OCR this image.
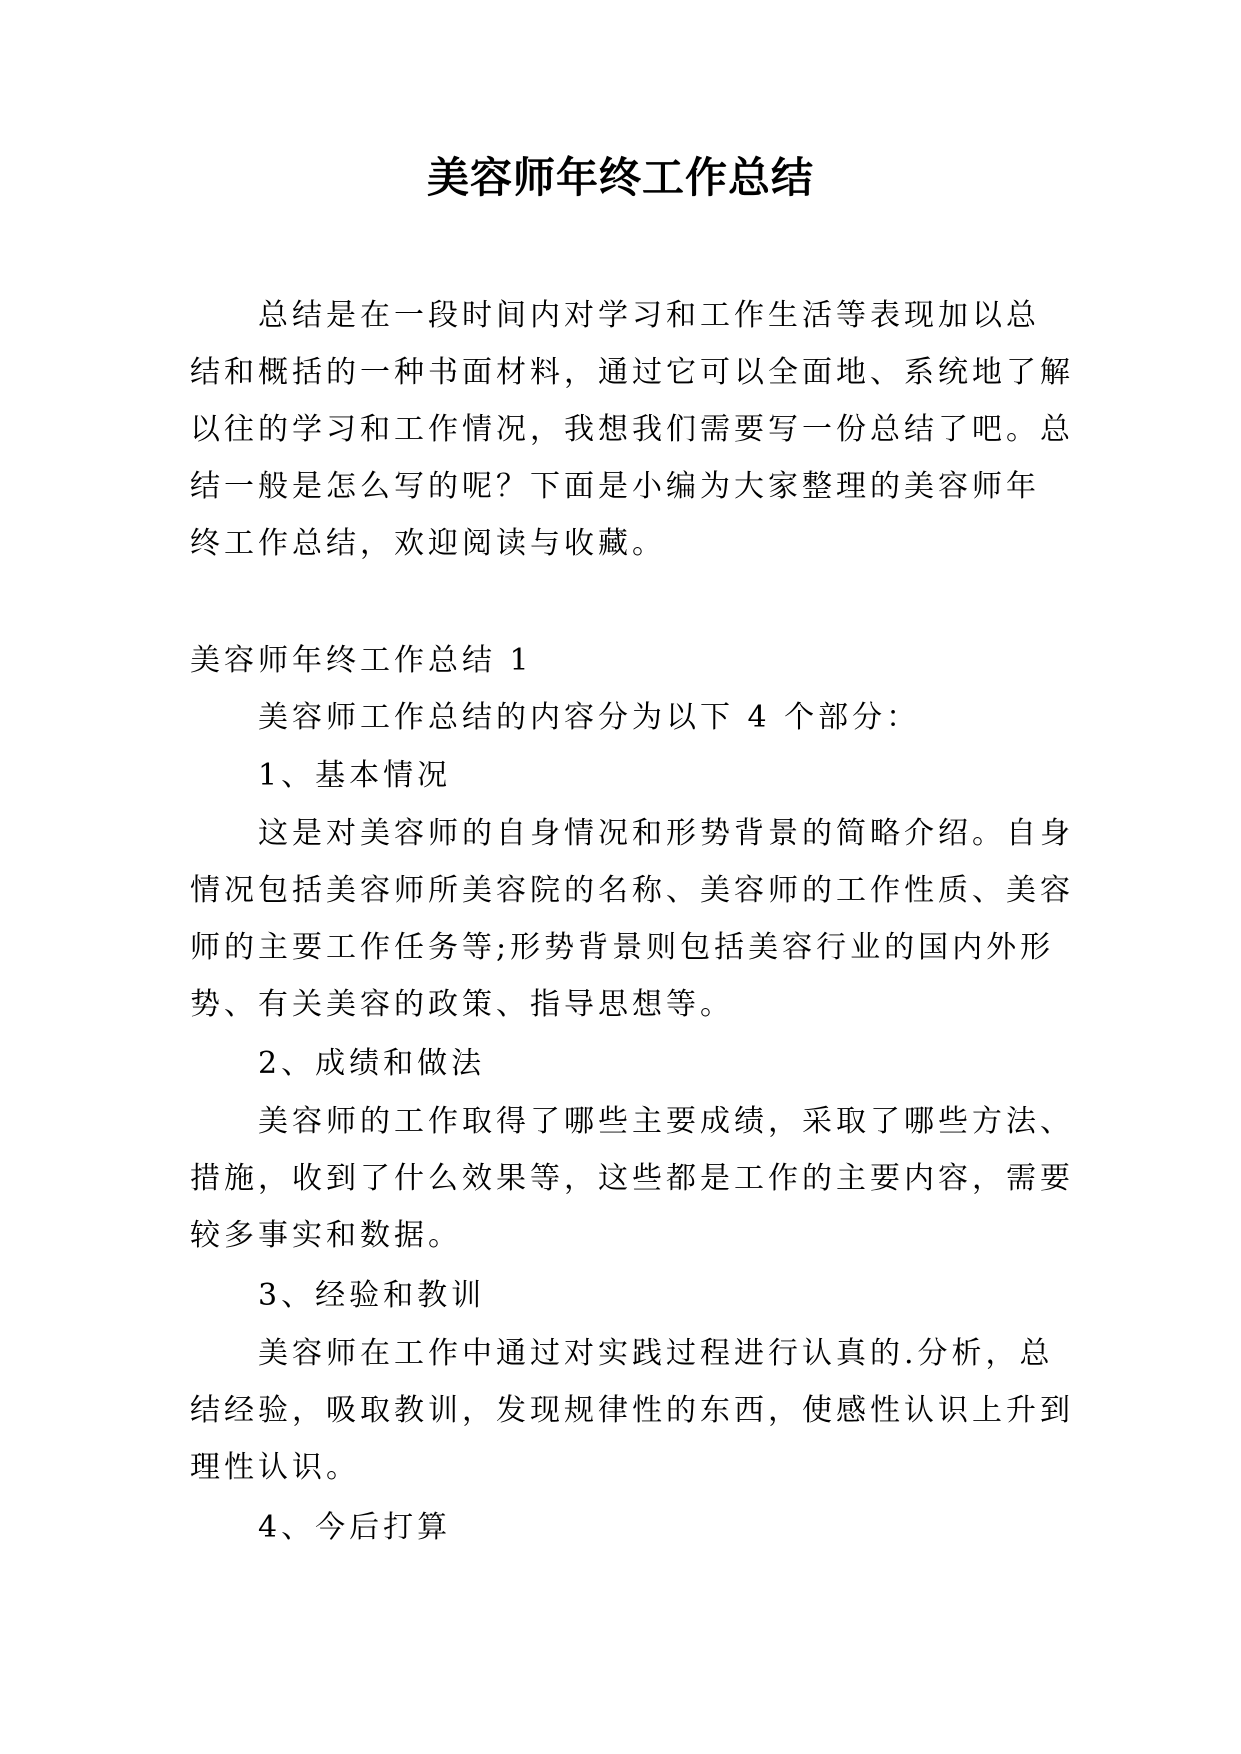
美容师年终工作总结

总结是在一段时间内对学习和工作生活等表现加以总

结和概括的一种书面材料，通过它可以全面地、系统地了解

以往的学习和工作情况，我想我们需要写一份总结了吧。总

结一般是怎么写的呢？下面是小编为大家整理的美容师年

终工作总结，欢迎阅读与收藏。

美容师年终工作总结 1

美容师工作总结的内容分为以下 4 个部分：

1、基本情况

这是对美容师的自身情况和形势背景的简略介绍。自身

情况包括美容师所美容院的名称、美容师的工作性质、美容

师的主要工作任务等;形势背景则包括美容行业的国内外形

势、有关美容的政策、指导思想等。

2、成绩和做法

美容师的工作取得了哪些主要成绩，采取了哪些方法、

措施，收到了什么效果等，这些都是工作的主要内容，需要

较多事实和数据。

3、经验和教训

美容师在工作中通过对实践过程进行认真的.分析，总

结经验，吸取教训，发现规律性的东西，使感性认识上升到

理性认识。

4、今后打算
